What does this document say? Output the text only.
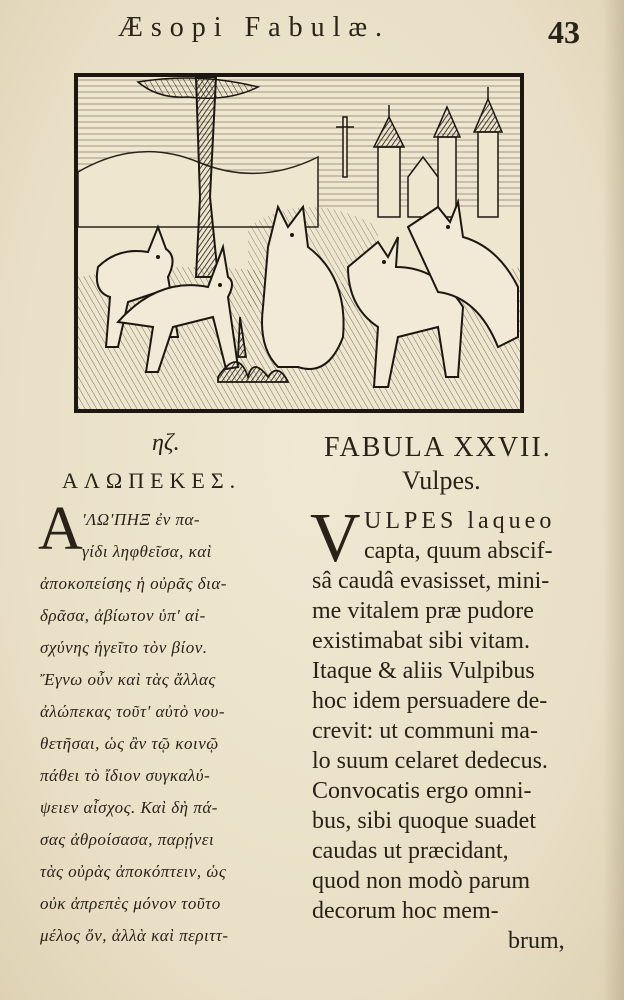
Æsopi Fabulæ.	43
ηζ.
ΑΛΩΠΕΚΕΣ.
Α 'ΛΩ'ΠΗΞ ἐν πα-
γίδι ληφθεῖσα, καὶ
ἀποκοπείσης ἡ οὐρᾶς δια-
δρᾶσα, ἀβίωτον ὑπ' αἰ-
σχύνης ἡγεῖτο τὸν βίον.
Ἔγνω οὖν καὶ τὰς ἄλλας
ἀλώπεκας τοῦτ' αὐτὸ νου-
θετῆσαι, ὡς ἂν τῷ κοινῷ
πάθει τὸ ἴδιον συγκαλύ-
ψειεν αἶσχος. Καὶ δὴ πά-
σας ἀθροίσασα, παρῄνει
τὰς οὐρὰς ἀποκόπτειν, ὡς
οὐκ ἀπρεπὲς μόνον τοῦτο
μέλος ὄν, ἀλλὰ καὶ περιττ-
FABULA XXVII.
Vulpes.
V ULPES laqueo
capta, quum abscif-
sâ caudâ evasisset, mini-
me vitalem præ pudore
existimabat sibi vitam.
Itaque & aliis Vulpibus
hoc idem persuadere de-
crevit: ut communi ma-
lo suum celaret dedecus.
Convocatis ergo omni-
bus, sibi quoque suadet
caudas ut præcidant,
quod non modò parum
decorum hoc mem-
brum,
